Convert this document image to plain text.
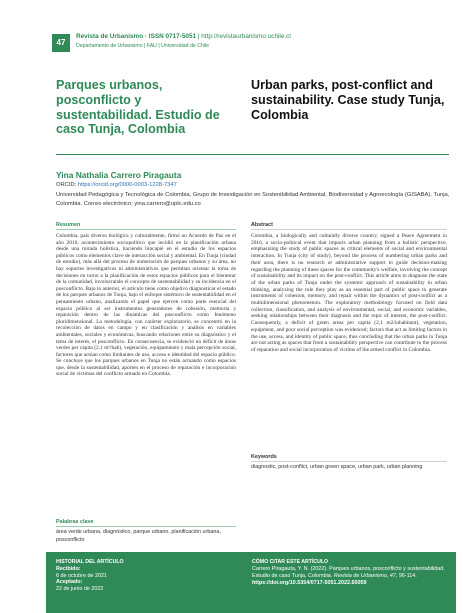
47
Revista de Urbanismo · ISSN 0717-5051 | http://revistaurbanismo.uchile.cl
Departamento de Urbanismo | FAU | Universidad de Chile
Parques urbanos, posconflicto y sustentabilidad. Estudio de caso Tunja, Colombia
Urban parks, post-conflict and sustainability. Case study Tunja, Colombia
Yina Nathalia Carrero Piragauta
ORCID: https://orcid.org/0000-0003-1228-7347
Universidad Pedagógica y Tecnológica de Colombia, Grupo de Investigación en Sostenibilidad Ambiental, Biodiversidad y Agroecología (GISABA). Tunja, Colombia. Correo electrónico: yina.carrero@uptc.edu.co
Resumen
Colombia, país diverso biológica y culturalmente, firmó un Acuerdo de Paz en el año 2016, acontecimiento sociopolítico que incidió en la planificación urbana desde una mirada holística, haciendo hincapié en el estudio de los espacios públicos como elementos clave de interacción social y ambiental. En Tunja (ciudad de estudio), más allá del proceso de numeración de parques urbanos y su área, no hay soportes investigativos ni administrativos que permitan orientar la toma de decisiones en torno a la planificación de estos espacios públicos para el bienestar de la comunidad, involucrando el concepto de sustentabilidad y su incidencia en el posconflicto. Bajo lo anterior, el artículo tiene como objetivo diagnosticar el estado de los parques urbanos de Tunja, bajo el enfoque sistémico de sustentabilidad en el pensamiento urbano, analizando el papel que ejercen como parte esencial del espacio público al ser instrumentos generadores de cohesión, memoria y reparación dentro de las dinámicas del posconflicto como fenómeno pluridimensional. La metodología, con carácter exploratorio, se concentró en la recolección de datos en campo y en clasificación y análisis en variables ambientales, sociales y económicas, buscando relaciones entre su diagnóstico y el tema de interés, el posconflicto. En consecuencia, se evidenció un déficit de áreas verdes per cápita (2,1 m²/hab), vegetación, equipamiento y mala percepción social, factores que actúan como limitantes de uso, acceso e identidad del espacio público. Se concluye que los parques urbanos en Tunja no están actuando como espacios que, desde la sustentabilidad, aporten en el proceso de reparación e incorporación social de víctimas del conflicto armado en Colombia.
Abstract
Colombia, a biologically and culturally diverse country, signed a Peace Agreement in 2016, a socio-political event that impacts urban planning from a holistic perspective, emphasizing the study of public spaces as critical elements of social and environmental interaction. In Tunja (city of study), beyond the process of numbering urban parks and their area, there is no research or administrative support to guide decision-making regarding the planning of these spaces for the community's welfare, involving the concept of sustainability and its impact on the post-conflict. This article aims to diagnose the state of the urban parks of Tunja under the systemic approach of sustainability in urban thinking, analyzing the role they play as an essential part of public space to generate instruments of cohesion, memory, and repair within the dynamics of post-conflict as a multidimensional phenomenon. The exploratory methodology focused on field data collection, classification, and analysis of environmental, social, and economic variables, seeking relationships between their diagnosis and the topic of interest, the post-conflict. Consequently, a deficit of green areas per capita (2,1 m2/inhabitant), vegetation, equipment, and poor social perception was evidenced; factors that act as limiting factors in the use, access, and identity of public space, thus concluding that the urban parks in Tunja are not acting as spaces that from a sustainability perspective can contribute to the process of reparation and social incorporation of victims of the armed conflict in Colombia.
Palabras clave
área verde urbana, diagnóstico, parque urbano, planificación urbana, posconflicto
Keywords
diagnostic, post-conflict, urban green space, urban park, urban planning
HISTORIAL DEL ARTÍCULO
Recibido:
6 de octubre de 2021
Aceptado:
22 de junio de 2022
CÓMO CITAR ESTE ARTÍCULO
Carrero Piragauta, Y. N. (2022). Parques urbanos, posconflicto y sustentabilidad. Estudio de caso Tunja, Colombia. Revista de Urbanismo, 47, 96-114. https://doi.org/10.5354/0717-5051.2022.65059
